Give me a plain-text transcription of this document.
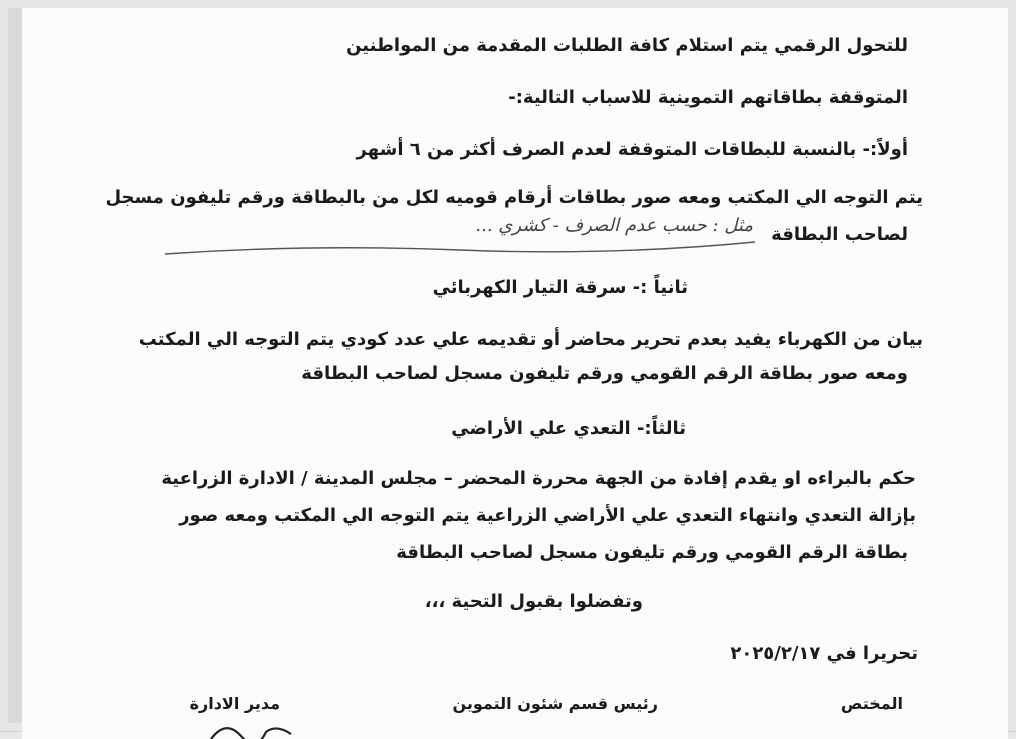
للتحول الرقمي يتم استلام كافة الطلبات المقدمة من المواطنين
المتوقفة بطاقاتهم التموينية للاسباب التالية:-
أولاً:- بالنسبة للبطاقات المتوقفة لعدم الصرف أكثر من ٦ أشهر
يتم التوجه الي المكتب ومعه صور بطاقات أرقام قوميه لكل من بالبطاقة ورقم تليفون مسجل
لصاحب البطاقة
مثل : حسب عدم الصرف - كشري ...
ثانياً :- سرقة التيار الكهربائي
بيان من الكهرباء يفيد بعدم تحرير محاضر أو تقديمه علي عدد كودي يتم التوجه الي المكتب
ومعه صور بطاقة الرقم القومي ورقم تليفون مسجل لصاحب البطاقة
ثالثاً:- التعدي علي الأراضي
حكم بالبراءه او يقدم إفادة من الجهة محررة المحضر – مجلس المدينة / الادارة الزراعية
بإزالة التعدي وانتهاء التعدي علي الأراضي الزراعية يتم التوجه الي المكتب ومعه صور
بطاقة الرقم القومي ورقم تليفون مسجل لصاحب البطاقة
وتفضلوا بقبول التحية ،،،
تحريرا في ٢٠٢٥/٢/١٧
المختص
رئيس قسم شئون التموين
مدير الادارة
